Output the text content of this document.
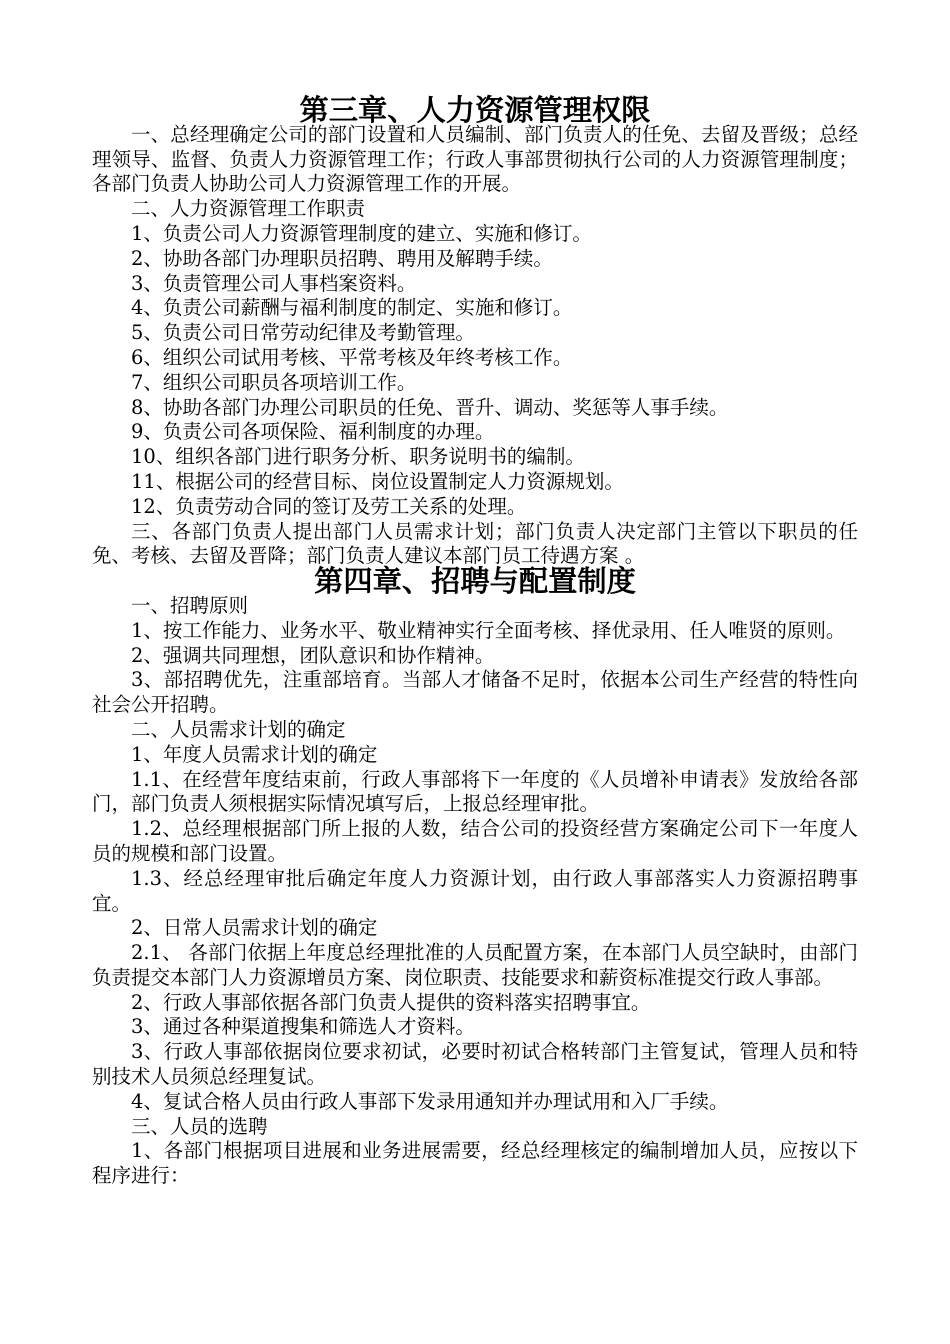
第三章、人力资源管理权限

一、总经理确定公司的部门设置和人员编制、部门负责人的任免、去留及晋级；总经理领导、监督、负责人力资源管理工作；行政人事部贯彻执行公司的人力资源管理制度；各部门负责人协助公司人力资源管理工作的开展。

二、人力资源管理工作职责

1、负责公司人力资源管理制度的建立、实施和修订。

2、协助各部门办理职员招聘、聘用及解聘手续。

3、负责管理公司人事档案资料。

4、负责公司薪酬与福利制度的制定、实施和修订。

5、负责公司日常劳动纪律及考勤管理。

6、组织公司试用考核、平常考核及年终考核工作。

7、组织公司职员各项培训工作。

8、协助各部门办理公司职员的任免、晋升、调动、奖惩等人事手续。

9、负责公司各项保险、福利制度的办理。

10、组织各部门进行职务分析、职务说明书的编制。

11、根据公司的经营目标、岗位设置制定人力资源规划。

12、负责劳动合同的签订及劳工关系的处理。

三、各部门负责人提出部门人员需求计划；部门负责人决定部门主管以下职员的任免、考核、去留及晋降；部门负责人建议本部门员工待遇方案 。

第四章、招聘与配置制度

一、招聘原则

1、按工作能力、业务水平、敬业精神实行全面考核、择优录用、任人唯贤的原则。

2、强调共同理想，团队意识和协作精神。

3、部招聘优先，注重部培育。当部人才储备不足时，依据本公司生产经营的特性向社会公开招聘。

二、人员需求计划的确定

1、年度人员需求计划的确定

1.1、在经营年度结束前，行政人事部将下一年度的《人员增补申请表》发放给各部门，部门负责人须根据实际情况填写后，上报总经理审批。

1.2、总经理根据部门所上报的人数，结合公司的投资经营方案确定公司下一年度人员的规模和部门设置。

1.3、经总经理审批后确定年度人力资源计划，由行政人事部落实人力资源招聘事宜。

2、日常人员需求计划的确定

2.1、 各部门依据上年度总经理批准的人员配置方案，在本部门人员空缺时，由部门负责提交本部门人力资源增员方案、岗位职责、技能要求和薪资标准提交行政人事部。

2、行政人事部依据各部门负责人提供的资料落实招聘事宜。

3、通过各种渠道搜集和筛选人才资料。

3、行政人事部依据岗位要求初试，必要时初试合格转部门主管复试，管理人员和特别技术人员须总经理复试。

4、复试合格人员由行政人事部下发录用通知并办理试用和入厂手续。

三、人员的选聘

1、各部门根据项目进展和业务进展需要，经总经理核定的编制增加人员，应按以下程序进行：
